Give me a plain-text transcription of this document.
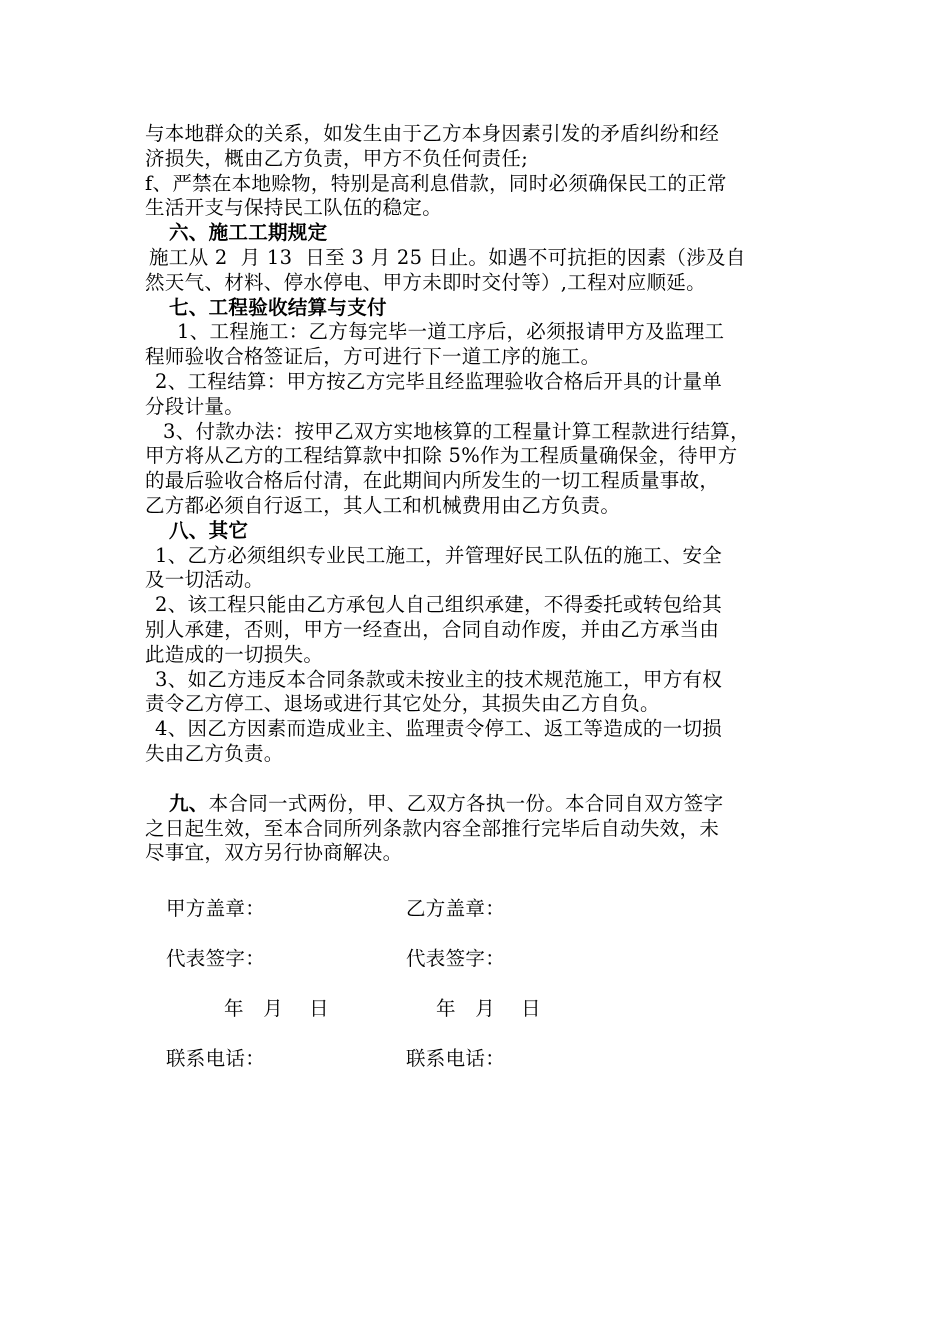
与本地群众的关系，如发生由于乙方本身因素引发的矛盾纠纷和经
济损失，概由乙方负责，甲方不负任何责任;
f、严禁在本地赊物，特别是高利息借款，同时必须确保民工的正常
生活开支与保持民工队伍的稳定。
六、施工工期规定
施工从 2  月 13  日至 3 月 25 日止。如遇不可抗拒的因素（涉及自
然天气、材料、停水停电、甲方未即时交付等）,工程对应顺延。
七、工程验收结算与支付
1、工程施工：乙方每完毕一道工序后，必须报请甲方及监理工
程师验收合格签证后，方可进行下一道工序的施工。
2、工程结算：甲方按乙方完毕且经监理验收合格后开具的计量单
分段计量。
3、付款办法：按甲乙双方实地核算的工程量计算工程款进行结算，
甲方将从乙方的工程结算款中扣除 5%作为工程质量确保金，待甲方
的最后验收合格后付清，在此期间内所发生的一切工程质量事故，
乙方都必须自行返工，其人工和机械费用由乙方负责。
八、其它
1、乙方必须组织专业民工施工，并管理好民工队伍的施工、安全
及一切活动。
2、该工程只能由乙方承包人自己组织承建，不得委托或转包给其
别人承建，否则，甲方一经查出，合同自动作废，并由乙方承当由
此造成的一切损失。
3、如乙方违反本合同条款或未按业主的技术规范施工，甲方有权
责令乙方停工、退场或进行其它处分，其损失由乙方自负。
4、因乙方因素而造成业主、监理责令停工、返工等造成的一切损
失由乙方负责。
九、本合同一式两份，甲、乙双方各执一份。本合同自双方签字
之日起生效，至本合同所列条款内容全部推行完毕后自动失效，未
尽事宜，双方另行协商解决。
甲方盖章：	乙方盖章：
代表签字：	代表签字：
年   月    日	年   月    日
联系电话：	联系电话：
